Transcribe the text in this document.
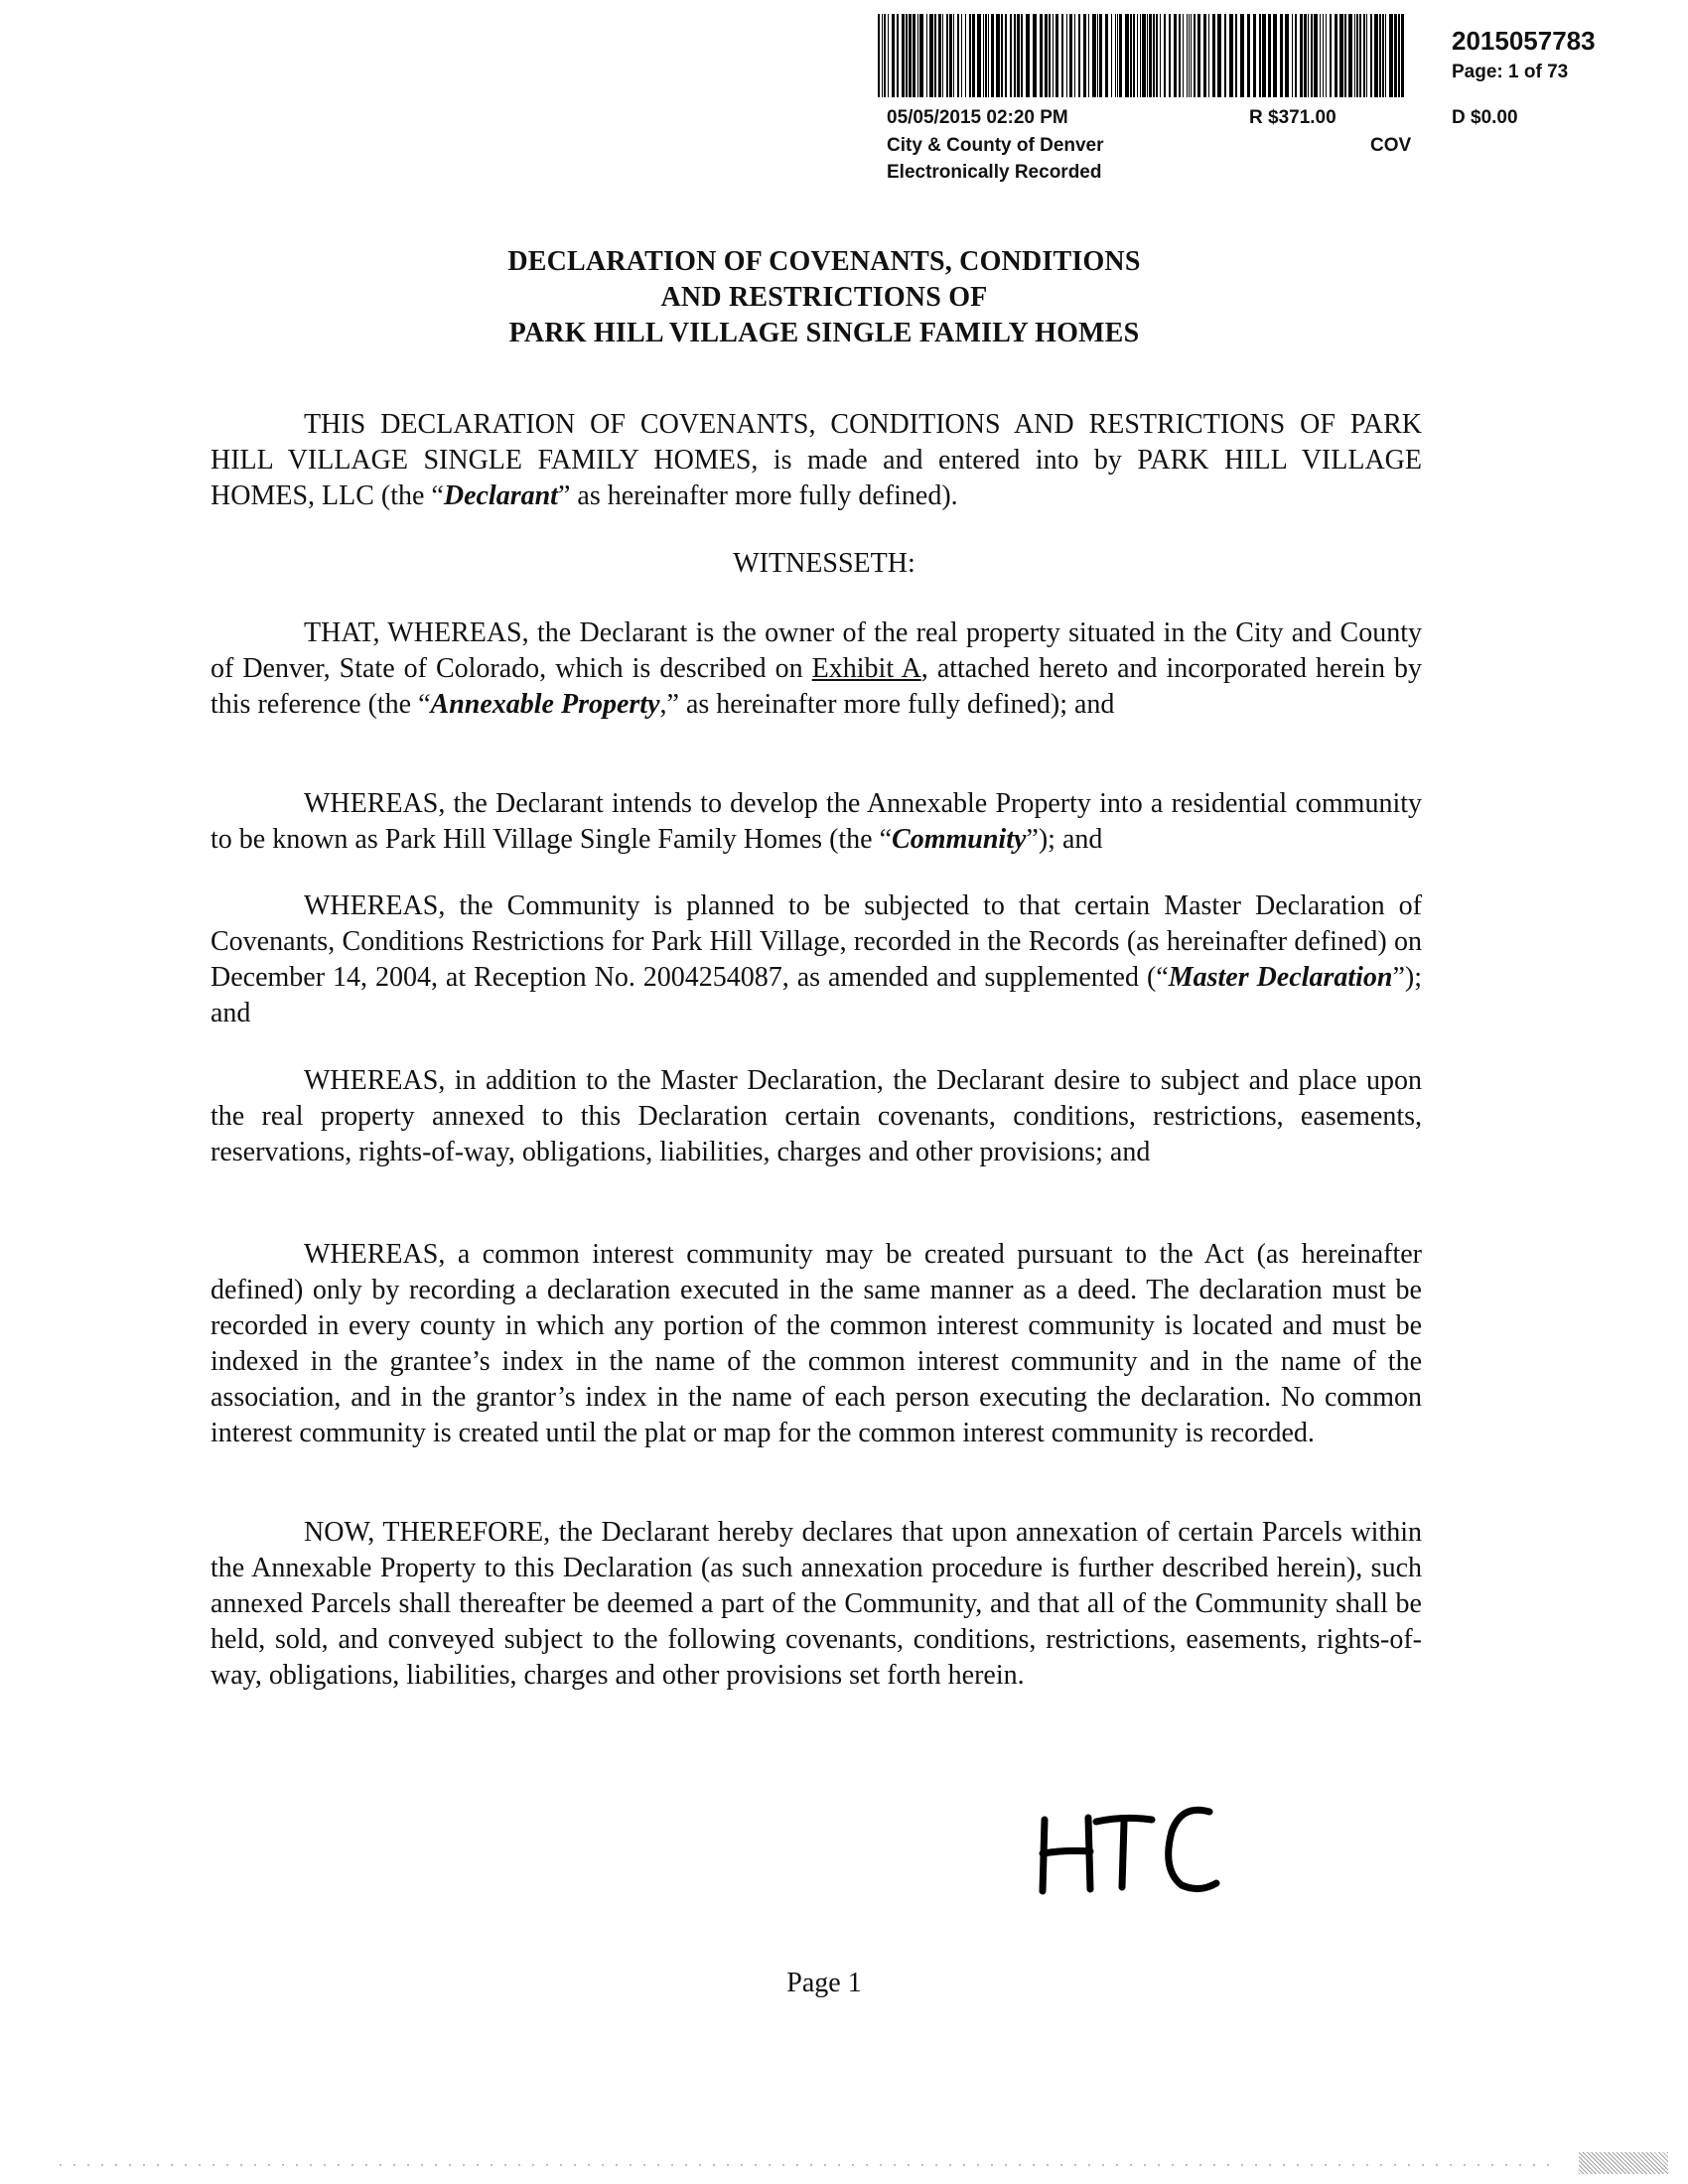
2015057783
Page: 1 of 73
05/05/2015 02:20 PM	R $371.00	D $0.00
City & County of Denver	COV
Electronically Recorded
DECLARATION OF COVENANTS, CONDITIONS
AND RESTRICTIONS OF
PARK HILL VILLAGE SINGLE FAMILY HOMES
THIS DECLARATION OF COVENANTS, CONDITIONS AND RESTRICTIONS OF PARK HILL VILLAGE SINGLE FAMILY HOMES, is made and entered into by PARK HILL VILLAGE HOMES, LLC (the “Declarant” as hereinafter more fully defined).
WITNESSETH:
THAT, WHEREAS, the Declarant is the owner of the real property situated in the City and County of Denver, State of Colorado, which is described on Exhibit A, attached hereto and incorporated herein by this reference (the “Annexable Property,” as hereinafter more fully defined); and
WHEREAS, the Declarant intends to develop the Annexable Property into a residential community to be known as Park Hill Village Single Family Homes (the “Community”); and
WHEREAS, the Community is planned to be subjected to that certain Master Declaration of Covenants, Conditions Restrictions for Park Hill Village, recorded in the Records (as hereinafter defined) on December 14, 2004, at Reception No. 2004254087, as amended and supplemented (“Master Declaration”); and
WHEREAS, in addition to the Master Declaration, the Declarant desire to subject and place upon the real property annexed to this Declaration certain covenants, conditions, restrictions, easements, reservations, rights-of-way, obligations, liabilities, charges and other provisions; and
WHEREAS, a common interest community may be created pursuant to the Act (as hereinafter defined) only by recording a declaration executed in the same manner as a deed. The declaration must be recorded in every county in which any portion of the common interest community is located and must be indexed in the grantee’s index in the name of the common interest community and in the name of the association, and in the grantor’s index in the name of each person executing the declaration. No common interest community is created until the plat or map for the common interest community is recorded.
NOW, THEREFORE, the Declarant hereby declares that upon annexation of certain Parcels within the Annexable Property to this Declaration (as such annexation procedure is further described herein), such annexed Parcels shall thereafter be deemed a part of the Community, and that all of the Community shall be held, sold, and conveyed subject to the following covenants, conditions, restrictions, easements, rights-of-way, obligations, liabilities, charges and other provisions set forth herein.
Page 1
